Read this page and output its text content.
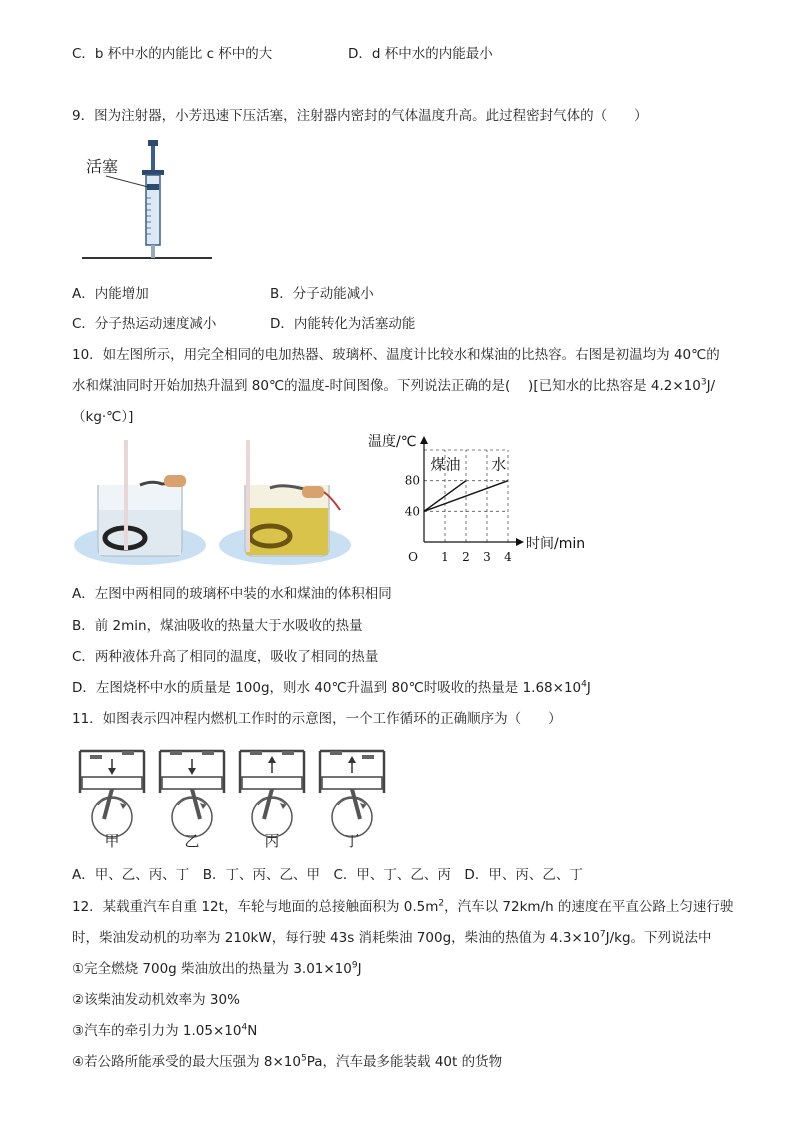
C．b 杯中水的内能比 c 杯中的大	D．d 杯中水的内能最小
9．图为注射器，小芳迅速下压活塞，注射器内密封的气体温度升高。此过程密封气体的（　　）
活塞
A．内能增加	B．分子动能减小
C．分子热运动速度减小	D．内能转化为活塞动能
10．如左图所示，用完全相同的电加热器、玻璃杯、温度计比较水和煤油的比热容。右图是初温均为 40℃的
水和煤油同时开始加热升温到 80℃的温度-时间图像。下列说法正确的是(　 )[已知水的比热容是 $4.2\times 10^3J/$
（kg·℃）]
煤油 水
1 2 3 4
40
80
O
温度/℃
时间/min
A．左图中两相同的玻璃杯中装的水和煤油的体积相同
B．前 2min，煤油吸收的热量大于水吸收的热量
C．两种液体升高了相同的温度，吸收了相同的热量
D．左图烧杯中水的质量是 100g，则水 40℃升温到 80℃时吸收的热量是 $1.68\times 10^4J$
11．如图表示四冲程内燃机工作时的示意图，一个工作循环的正确顺序为（　　）
甲	乙	丙	丁
A．甲、乙、丙、丁　B．丁、丙、乙、甲　C．甲、丁、乙、丙　D．甲、丙、乙、丁
12．某载重汽车自重 12t，车轮与地面的总接触面积为 $0.5m^2$，汽车以 72km/h 的速度在平直公路上匀速行驶
时，柴油发动机的功率为 210kW，每行驶 43s 消耗柴油 700g，柴油的热值为 $4.3\times 10^7J/kg$。下列说法中
①完全燃烧 700g 柴油放出的热量为 $3.01\times 10^9J$
②该柴油发动机效率为 30%
③汽车的牵引力为 $1.05\times 10^4N$
④若公路所能承受的最大压强为 $8\times 10^5Pa$，汽车最多能装载 40t 的货物
